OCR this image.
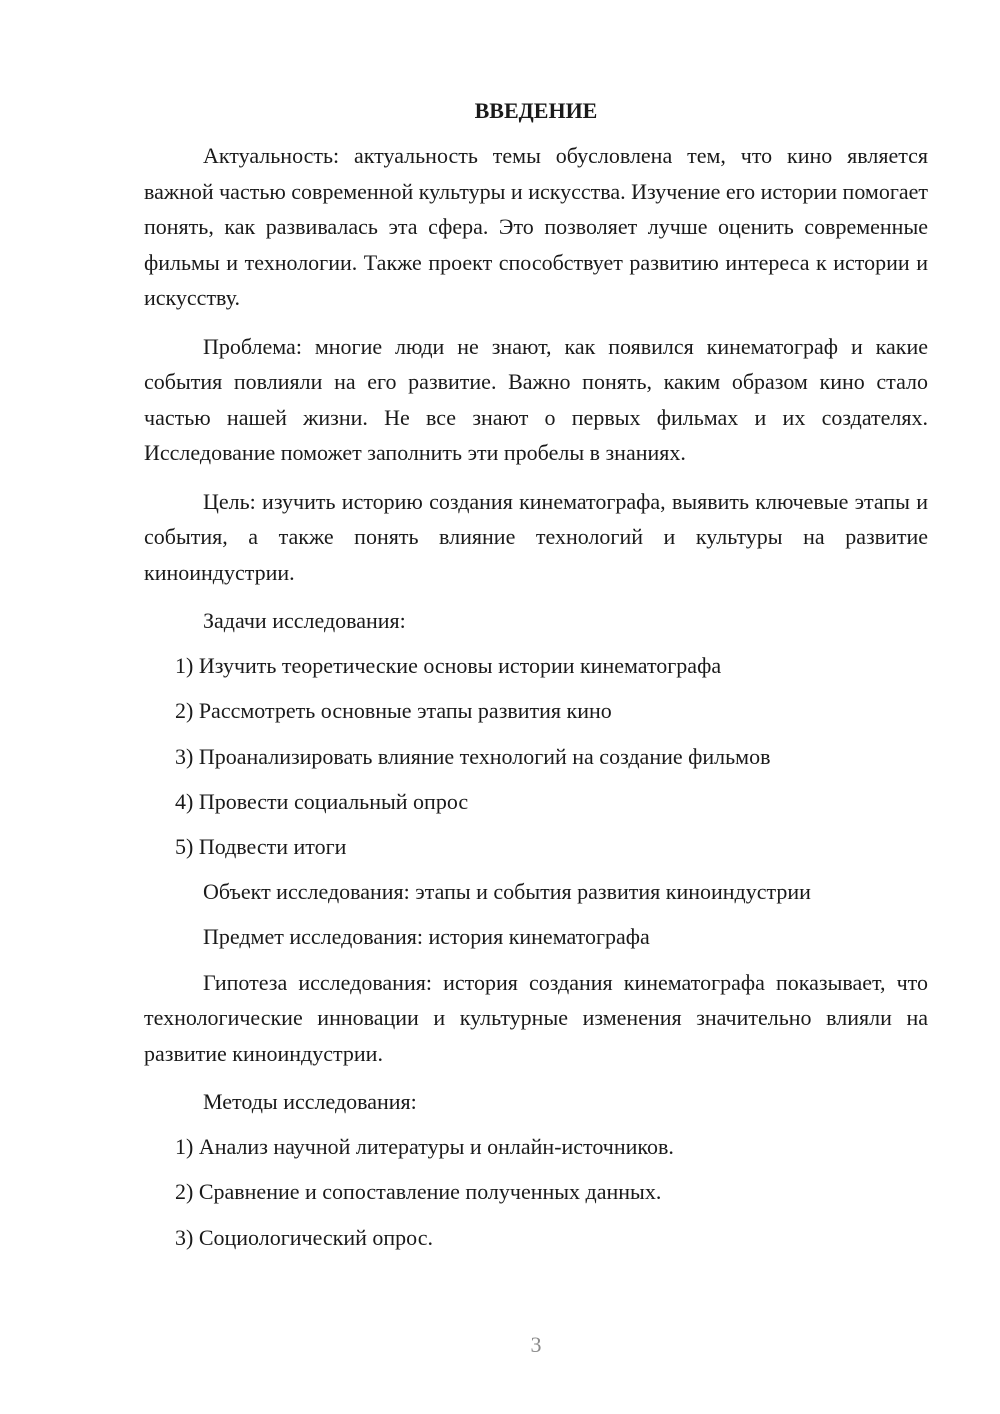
ВВЕДЕНИЕ

Актуальность: актуальность темы обусловлена тем, что кино является важной частью современной культуры и искусства. Изучение его истории помогает понять, как развивалась эта сфера. Это позволяет лучше оценить современные фильмы и технологии. Также проект способствует развитию интереса к истории и искусству.

Проблема: многие люди не знают, как появился кинематограф и какие события повлияли на его развитие. Важно понять, каким образом кино стало частью нашей жизни. Не все знают о первых фильмах и их создателях. Исследование поможет заполнить эти пробелы в знаниях.

Цель: изучить историю создания кинематографа, выявить ключевые этапы и события, а также понять влияние технологий и культуры на развитие киноиндустрии.

Задачи исследования:
1) Изучить теоретические основы истории кинематографа
2) Рассмотреть основные этапы развития кино
3) Проанализировать влияние технологий на создание фильмов
4) Провести социальный опрос
5) Подвести итоги
Объект исследования: этапы и события развития киноиндустрии
Предмет исследования: история кинематографа

Гипотеза исследования: история создания кинематографа показывает, что технологические инновации и культурные изменения значительно влияли на развитие киноиндустрии.

Методы исследования:
1) Анализ научной литературы и онлайн-источников.
2) Сравнение и сопоставление полученных данных.
3) Социологический опрос.
3
